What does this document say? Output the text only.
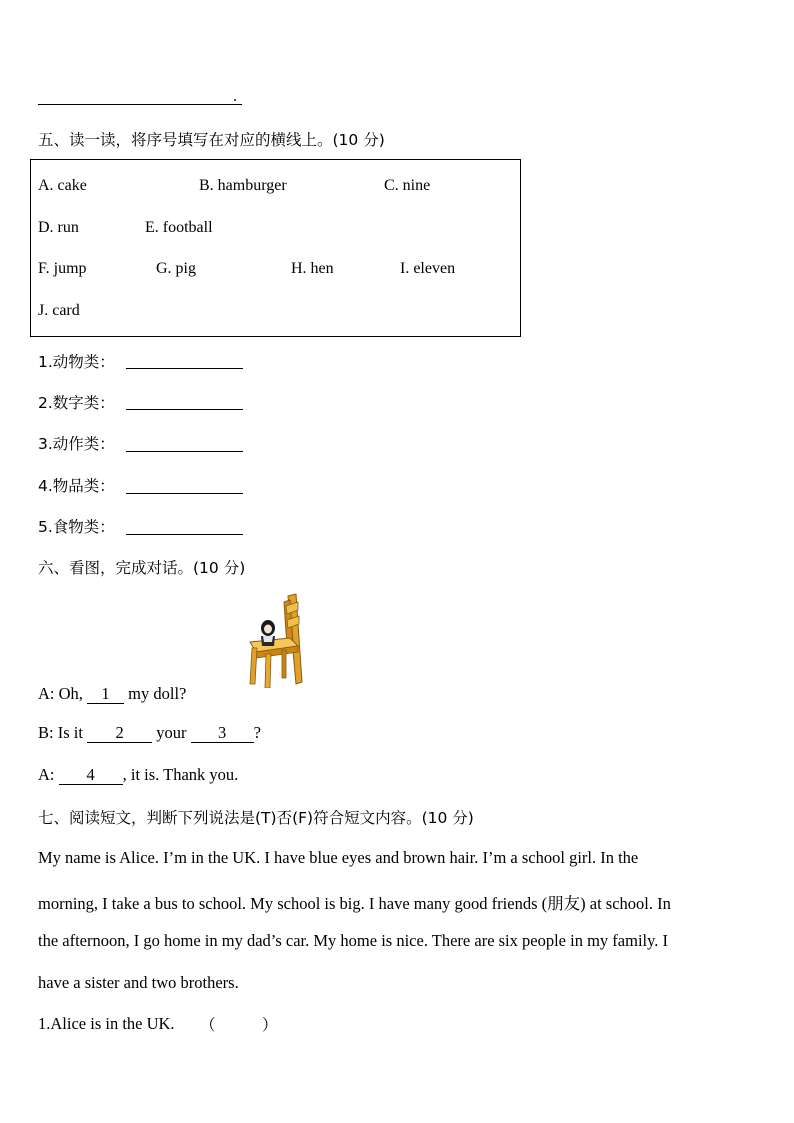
.
五、读一读，将序号填写在对应的横线上。(10 分)
A. cake	B. hamburger	C. nine
D. run	E. football
F. jump	G. pig	H. hen	I. eleven
J. card
1.动物类：
2.数字类：
3.动作类：
4.物品类：
5.食物类：
六、看图，完成对话。(10 分)
A: Oh, 1 my doll?
B: Is it 2 your 3 ?
A: 4 , it is. Thank you.
七、阅读短文，判断下列说法是(T)否(F)符合短文内容。(10 分)
My name is Alice. I’m in the UK. I have blue eyes and brown hair. I’m a school girl. In the
morning, I take a bus to school. My school is big. I have many good friends (朋友) at school. In
the afternoon, I go home in my dad’s car. My home is nice. There are six people in my family. I
have a sister and two brothers.
1.Alice is in the UK. （　　　）
